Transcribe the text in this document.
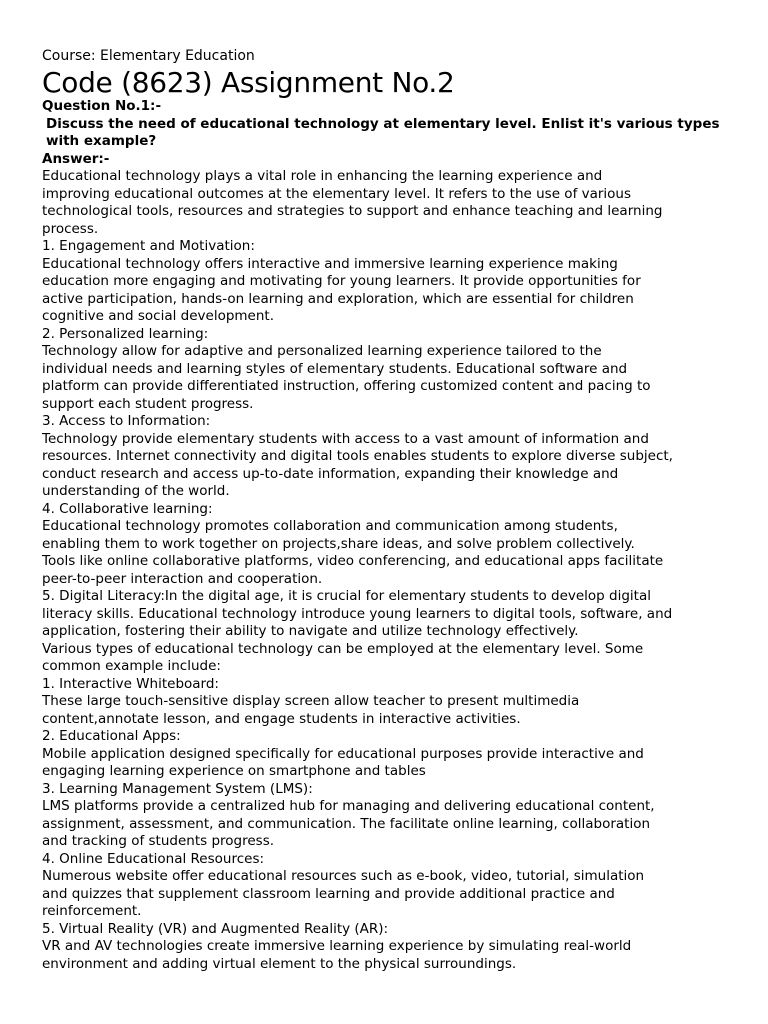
Course: Elementary Education

Code (8623) Assignment No.2

Question No.1:-

Discuss the need of educational technology at elementary level. Enlist it's various types with example?

Answer:-

Educational technology plays a vital role in enhancing the learning experience and

improving educational outcomes at the elementary level. It refers to the use of various

technological tools, resources and strategies to support and enhance teaching and learning

process.

1. Engagement and Motivation:

Educational technology offers interactive and immersive learning experience making

education more engaging and motivating for young learners. It provide opportunities for

active participation, hands-on learning and exploration, which are essential for children

cognitive and social development.

2. Personalized learning:

Technology allow for adaptive and personalized learning experience tailored to the

individual needs and learning styles of elementary students. Educational software and

platform can provide differentiated instruction, offering customized content and pacing to

support each student progress.

3. Access to Information:

Technology provide elementary students with access to a vast amount of information and

resources. Internet connectivity and digital tools enables students to explore diverse subject,

conduct research and access up-to-date information, expanding their knowledge and

understanding of the world.

4. Collaborative learning:

Educational technology promotes collaboration and communication among students,

enabling them to work together on projects,share ideas, and solve problem collectively.

Tools like online collaborative platforms, video conferencing, and educational apps facilitate

peer-to-peer interaction and cooperation.

5. Digital Literacy:In the digital age, it is crucial for elementary students to develop digital

literacy skills. Educational technology introduce young learners to digital tools, software, and

application, fostering their ability to navigate and utilize technology effectively.

Various types of educational technology can be employed at the elementary level. Some

common example include:

1. Interactive Whiteboard:

These large touch-sensitive display screen allow teacher to present multimedia

content,annotate lesson, and engage students in interactive activities.

2. Educational Apps:

Mobile application designed specifically for educational purposes provide interactive and

engaging learning experience on smartphone and tables

3. Learning Management System (LMS):

LMS platforms provide a centralized hub for managing and delivering educational content,

assignment, assessment, and communication. The facilitate online learning, collaboration

and tracking of students progress.

4. Online Educational Resources:

Numerous website offer educational resources such as e-book, video, tutorial, simulation

and quizzes that supplement classroom learning and provide additional practice and

reinforcement.

5. Virtual Reality (VR) and Augmented Reality (AR):

VR and AV technologies create immersive learning experience by simulating real-world

environment and adding virtual element to the physical surroundings.
